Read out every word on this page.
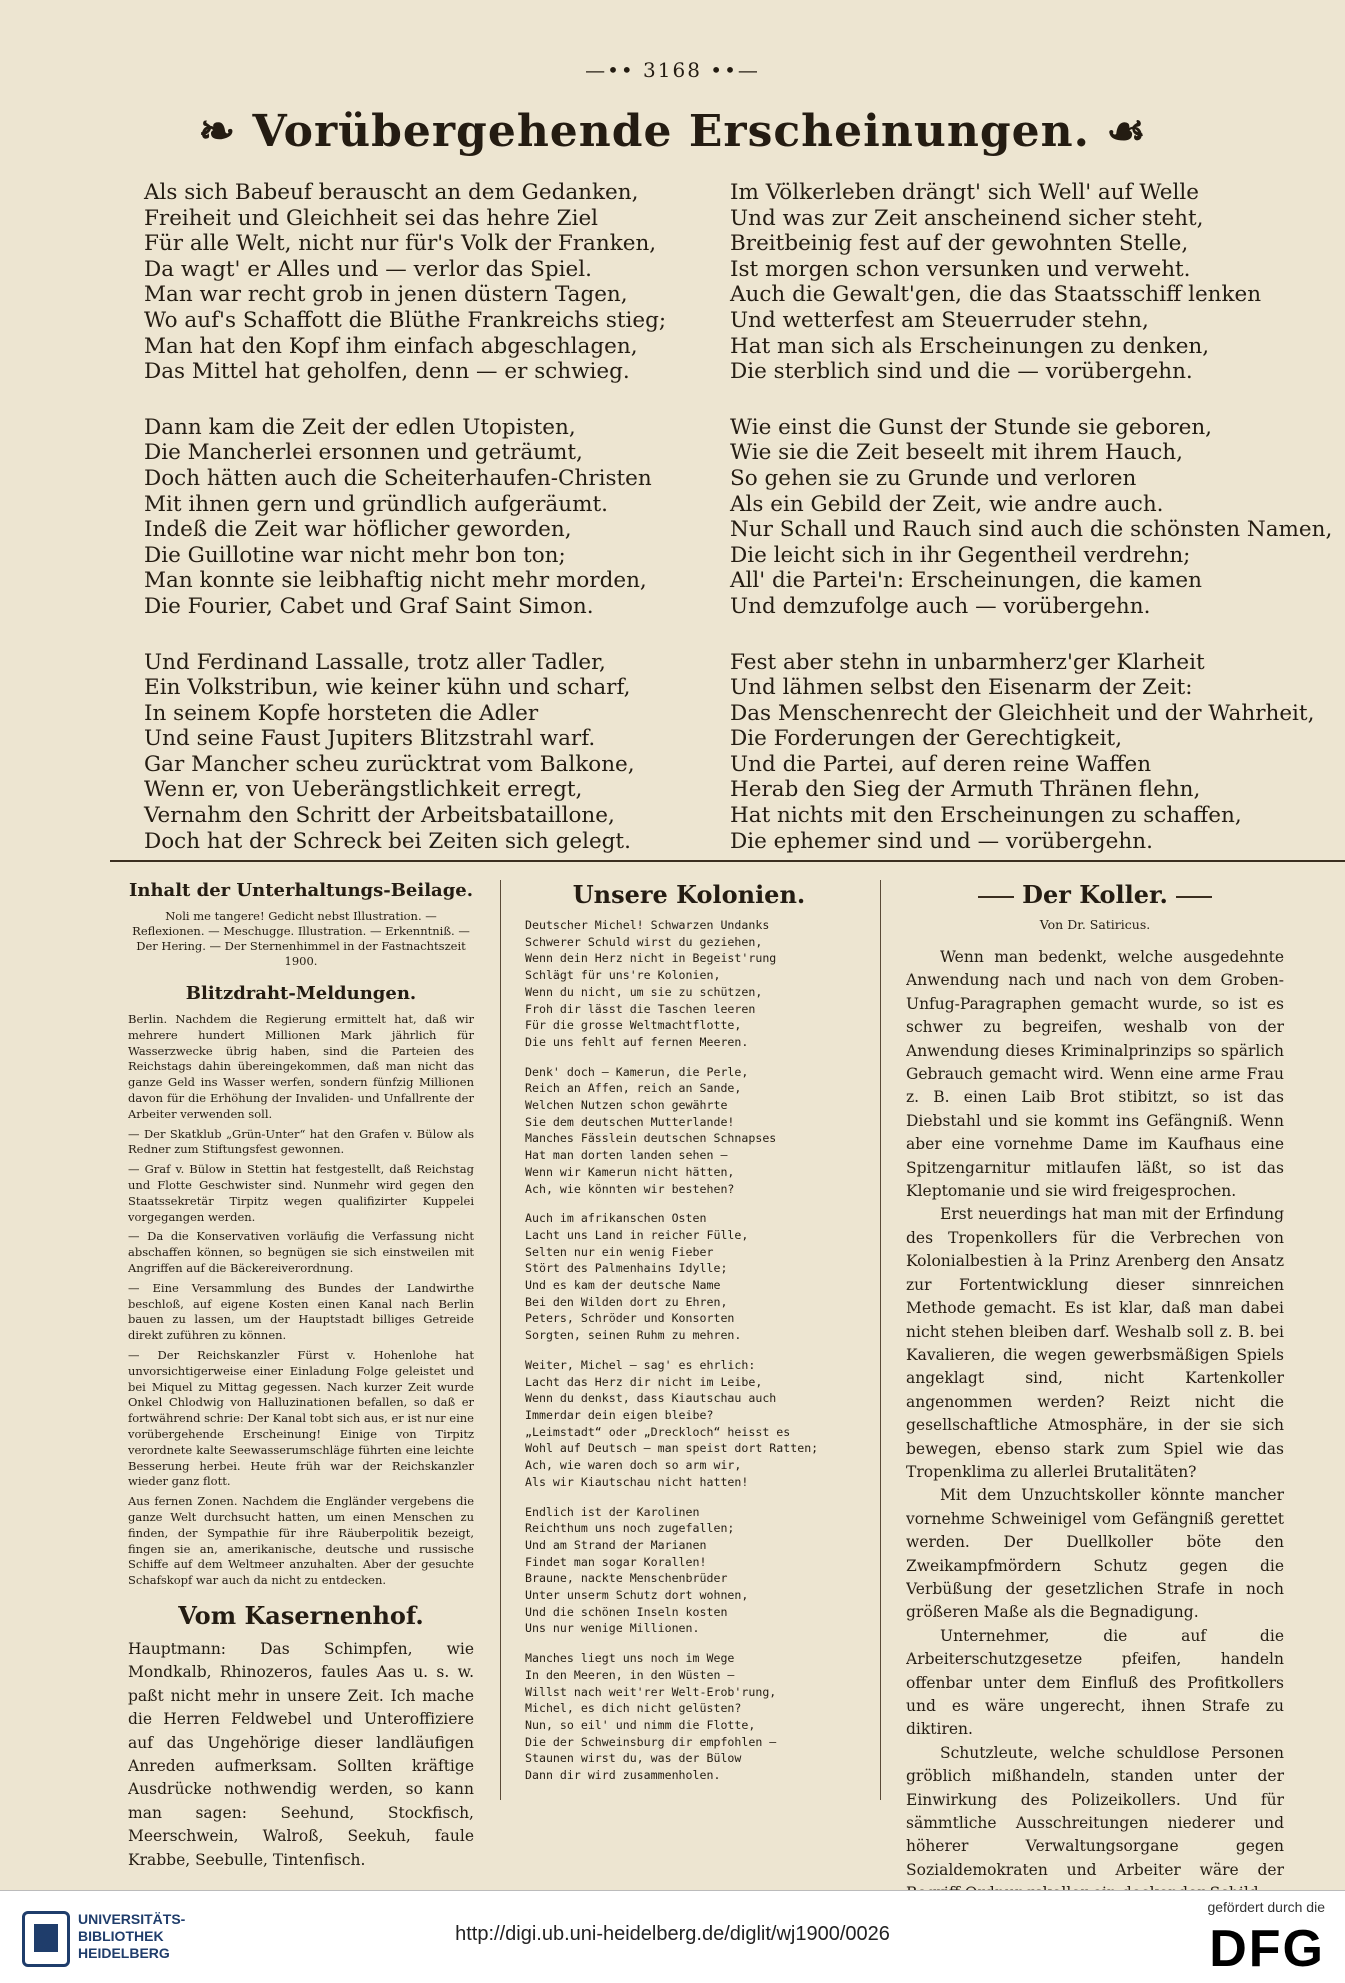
—•• 3168 ••—
❧ Vorübergehende Erscheinungen. ☙
Als sich Babeuf berauscht an dem Gedanken,
Freiheit und Gleichheit sei das hehre Ziel
Für alle Welt, nicht nur für's Volk der Franken,
Da wagt' er Alles und — verlor das Spiel.
Man war recht grob in jenen düstern Tagen,
Wo auf's Schaffott die Blüthe Frankreichs stieg;
Man hat den Kopf ihm einfach abgeschlagen,
Das Mittel hat geholfen, denn — er schwieg.
Dann kam die Zeit der edlen Utopisten,
Die Mancherlei ersonnen und geträumt,
Doch hätten auch die Scheiterhaufen-Christen
Mit ihnen gern und gründlich aufgeräumt.
Indeß die Zeit war höflicher geworden,
Die Guillotine war nicht mehr bon ton;
Man konnte sie leibhaftig nicht mehr morden,
Die Fourier, Cabet und Graf Saint Simon.
Und Ferdinand Lassalle, trotz aller Tadler,
Ein Volkstribun, wie keiner kühn und scharf,
In seinem Kopfe horsteten die Adler
Und seine Faust Jupiters Blitzstrahl warf.
Gar Mancher scheu zurücktrat vom Balkone,
Wenn er, von Ueberängstlichkeit erregt,
Vernahm den Schritt der Arbeitsbataillone,
Doch hat der Schreck bei Zeiten sich gelegt.
Im Völkerleben drängt' sich Well' auf Welle
Und was zur Zeit anscheinend sicher steht,
Breitbeinig fest auf der gewohnten Stelle,
Ist morgen schon versunken und verweht.
Auch die Gewalt'gen, die das Staatsschiff lenken
Und wetterfest am Steuerruder stehn,
Hat man sich als Erscheinungen zu denken,
Die sterblich sind und die — vorübergehn.
Wie einst die Gunst der Stunde sie geboren,
Wie sie die Zeit beseelt mit ihrem Hauch,
So gehen sie zu Grunde und verloren
Als ein Gebild der Zeit, wie andre auch.
Nur Schall und Rauch sind auch die schönsten Namen,
Die leicht sich in ihr Gegentheil verdrehn;
All' die Partei'n: Erscheinungen, die kamen
Und demzufolge auch — vorübergehn.
Fest aber stehn in unbarmherz'ger Klarheit
Und lähmen selbst den Eisenarm der Zeit:
Das Menschenrecht der Gleichheit und der Wahrheit,
Die Forderungen der Gerechtigkeit,
Und die Partei, auf deren reine Waffen
Herab den Sieg der Armuth Thränen flehn,
Hat nichts mit den Erscheinungen zu schaffen,
Die ephemer sind und — vorübergehn.
Inhalt der Unterhaltungs-Beilage.
Noli me tangere! Gedicht nebst Illustration. — Reflexionen. — Meschugge. Illustration. — Erkenntniß. — Der Hering. — Der Sternenhimmel in der Fastnachtszeit 1900.
Blitzdraht-Meldungen.

Berlin. Nachdem die Regierung ermittelt hat, daß wir mehrere hundert Millionen Mark jährlich für Wasserzwecke übrig haben, sind die Parteien des Reichstags dahin übereingekommen, daß man nicht das ganze Geld ins Wasser werfen, sondern fünfzig Millionen davon für die Erhöhung der Invaliden- und Unfallrente der Arbeiter verwenden soll.

— Der Skatklub „Grün-Unter“ hat den Grafen v. Bülow als Redner zum Stiftungsfest gewonnen.

— Graf v. Bülow in Stettin hat festgestellt, daß Reichstag und Flotte Geschwister sind. Nunmehr wird gegen den Staatssekretär Tirpitz wegen qualifizirter Kuppelei vorgegangen werden.

— Da die Konservativen vorläufig die Verfassung nicht abschaffen können, so begnügen sie sich einstweilen mit Angriffen auf die Bäckereiverordnung.

— Eine Versammlung des Bundes der Landwirthe beschloß, auf eigene Kosten einen Kanal nach Berlin bauen zu lassen, um der Hauptstadt billiges Getreide direkt zuführen zu können.

— Der Reichskanzler Fürst v. Hohenlohe hat unvorsichtigerweise einer Einladung Folge geleistet und bei Miquel zu Mittag gegessen. Nach kurzer Zeit wurde Onkel Chlodwig von Halluzinationen befallen, so daß er fortwährend schrie: Der Kanal tobt sich aus, er ist nur eine vorübergehende Erscheinung! Einige von Tirpitz verordnete kalte Seewasserumschläge führten eine leichte Besserung herbei. Heute früh war der Reichskanzler wieder ganz flott.

Aus fernen Zonen. Nachdem die Engländer vergebens die ganze Welt durchsucht hatten, um einen Menschen zu finden, der Sympathie für ihre Räuberpolitik bezeigt, fingen sie an, amerikanische, deutsche und russische Schiffe auf dem Weltmeer anzuhalten. Aber der gesuchte Schafskopf war auch da nicht zu entdecken.

Vom Kasernenhof.

Hauptmann: Das Schimpfen, wie Mondkalb, Rhinozeros, faules Aas u. s. w. paßt nicht mehr in unsere Zeit. Ich mache die Herren Feldwebel und Unteroffiziere auf das Ungehörige dieser landläufigen Anreden aufmerksam. Sollten kräftige Ausdrücke nothwendig werden, so kann man sagen: Seehund, Stockfisch, Meerschwein, Walroß, Seekuh, faule Krabbe, Seebulle, Tintenfisch.

Unsere Kolonien.
Deutscher Michel! Schwarzen Undanks
Schwerer Schuld wirst du geziehen,
Wenn dein Herz nicht in Begeist'rung
Schlägt für uns're Kolonien,
Wenn du nicht, um sie zu schützen,
Froh dir lässt die Taschen leeren
Für die grosse Weltmachtflotte,
Die uns fehlt auf fernen Meeren.
Denk' doch — Kamerun, die Perle,
Reich an Affen, reich an Sande,
Welchen Nutzen schon gewährte
Sie dem deutschen Mutterlande!
Manches Fässlein deutschen Schnapses
Hat man dorten landen sehen —
Wenn wir Kamerun nicht hätten,
Ach, wie könnten wir bestehen?
Auch im afrikanschen Osten
Lacht uns Land in reicher Fülle,
Selten nur ein wenig Fieber
Stört des Palmenhains Idylle;
Und es kam der deutsche Name
Bei den Wilden dort zu Ehren,
Peters, Schröder und Konsorten
Sorgten, seinen Ruhm zu mehren.
Weiter, Michel — sag' es ehrlich:
Lacht das Herz dir nicht im Leibe,
Wenn du denkst, dass Kiautschau auch
Immerdar dein eigen bleibe?
„Leimstadt“ oder „Dreckloch“ heisst es
Wohl auf Deutsch — man speist dort Ratten;
Ach, wie waren doch so arm wir,
Als wir Kiautschau nicht hatten!
Endlich ist der Karolinen
Reichthum uns noch zugefallen;
Und am Strand der Marianen
Findet man sogar Korallen!
Braune, nackte Menschenbrüder
Unter unserm Schutz dort wohnen,
Und die schönen Inseln kosten
Uns nur wenige Millionen.
Manches liegt uns noch im Wege
In den Meeren, in den Wüsten —
Willst nach weit'rer Welt-Erob'rung,
Michel, es dich nicht gelüsten?
Nun, so eil' und nimm die Flotte,
Die der Schweinsburg dir empfohlen —
Staunen wirst du, was der Bülow
Dann dir wird zusammenholen.
Der Koller.
Von Dr. Satiricus.

Wenn man bedenkt, welche ausgedehnte Anwendung nach und nach von dem Groben-Unfug-Paragraphen gemacht wurde, so ist es schwer zu begreifen, weshalb von der Anwendung dieses Kriminalprinzips so spärlich Gebrauch gemacht wird. Wenn eine arme Frau z. B. einen Laib Brot stibitzt, so ist das Diebstahl und sie kommt ins Gefängniß. Wenn aber eine vornehme Dame im Kaufhaus eine Spitzengarnitur mitlaufen läßt, so ist das Kleptomanie und sie wird freigesprochen.

Erst neuerdings hat man mit der Erfindung des Tropenkollers für die Verbrechen von Kolonialbestien à la Prinz Arenberg den Ansatz zur Fortentwicklung dieser sinnreichen Methode gemacht. Es ist klar, daß man dabei nicht stehen bleiben darf. Weshalb soll z. B. bei Kavalieren, die wegen gewerbsmäßigen Spiels angeklagt sind, nicht Kartenkoller angenommen werden? Reizt nicht die gesellschaftliche Atmosphäre, in der sie sich bewegen, ebenso stark zum Spiel wie das Tropenklima zu allerlei Brutalitäten?

Mit dem Unzuchtskoller könnte mancher vornehme Schweinigel vom Gefängniß gerettet werden. Der Duellkoller böte den Zweikampfmördern Schutz gegen die Verbüßung der gesetzlichen Strafe in noch größeren Maße als die Begnadigung.

Unternehmer, die auf die Arbeiterschutzgesetze pfeifen, handeln offenbar unter dem Einfluß des Profitkollers und es wäre ungerecht, ihnen Strafe zu diktiren.

Schutzleute, welche schuldlose Personen gröblich mißhandeln, standen unter der Einwirkung des Polizeikollers. Und für sämmtliche Ausschreitungen niederer und höherer Verwaltungsorgane gegen Sozialdemokraten und Arbeiter wäre der

UNIVERSITÄTS-
BIBLIOTHEK
HEIDELBERG
http://digi.ub.uni-heidelberg.de/diglit/wj1900/0026
gefördert durch die
DFG
